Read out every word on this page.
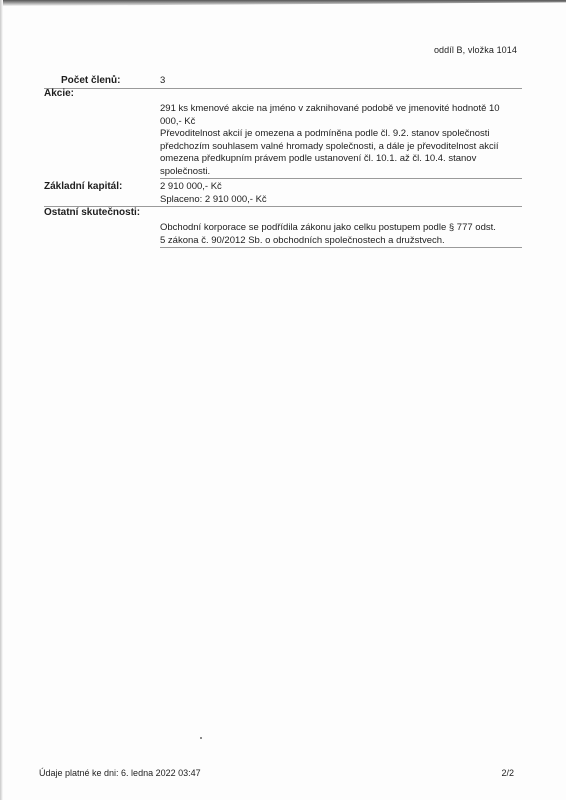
oddíl B, vložka 1014
Počet členů:	3
Akcie:

291 ks kmenové akcie na jméno v zaknihované podobě ve jmenovité hodnotě 10

000,- Kč

Převoditelnost akcií je omezena a podmíněna podle čl. 9.2. stanov společnosti

předchozím souhlasem valné hromady společnosti, a dále je převoditelnost akcií

omezena předkupním právem podle ustanovení čl. 10.1. až čl. 10.4. stanov

společnosti.

Základní kapitál:	2 910 000,- Kč

Splaceno: 2 910 000,- Kč

Ostatní skutečnosti:

Obchodní korporace se podřídila zákonu jako celku postupem podle § 777 odst.

5 zákona č. 90/2012 Sb. o obchodních společnostech a družstvech.

Údaje platné ke dni: 6. ledna 2022 03:47	2/2
